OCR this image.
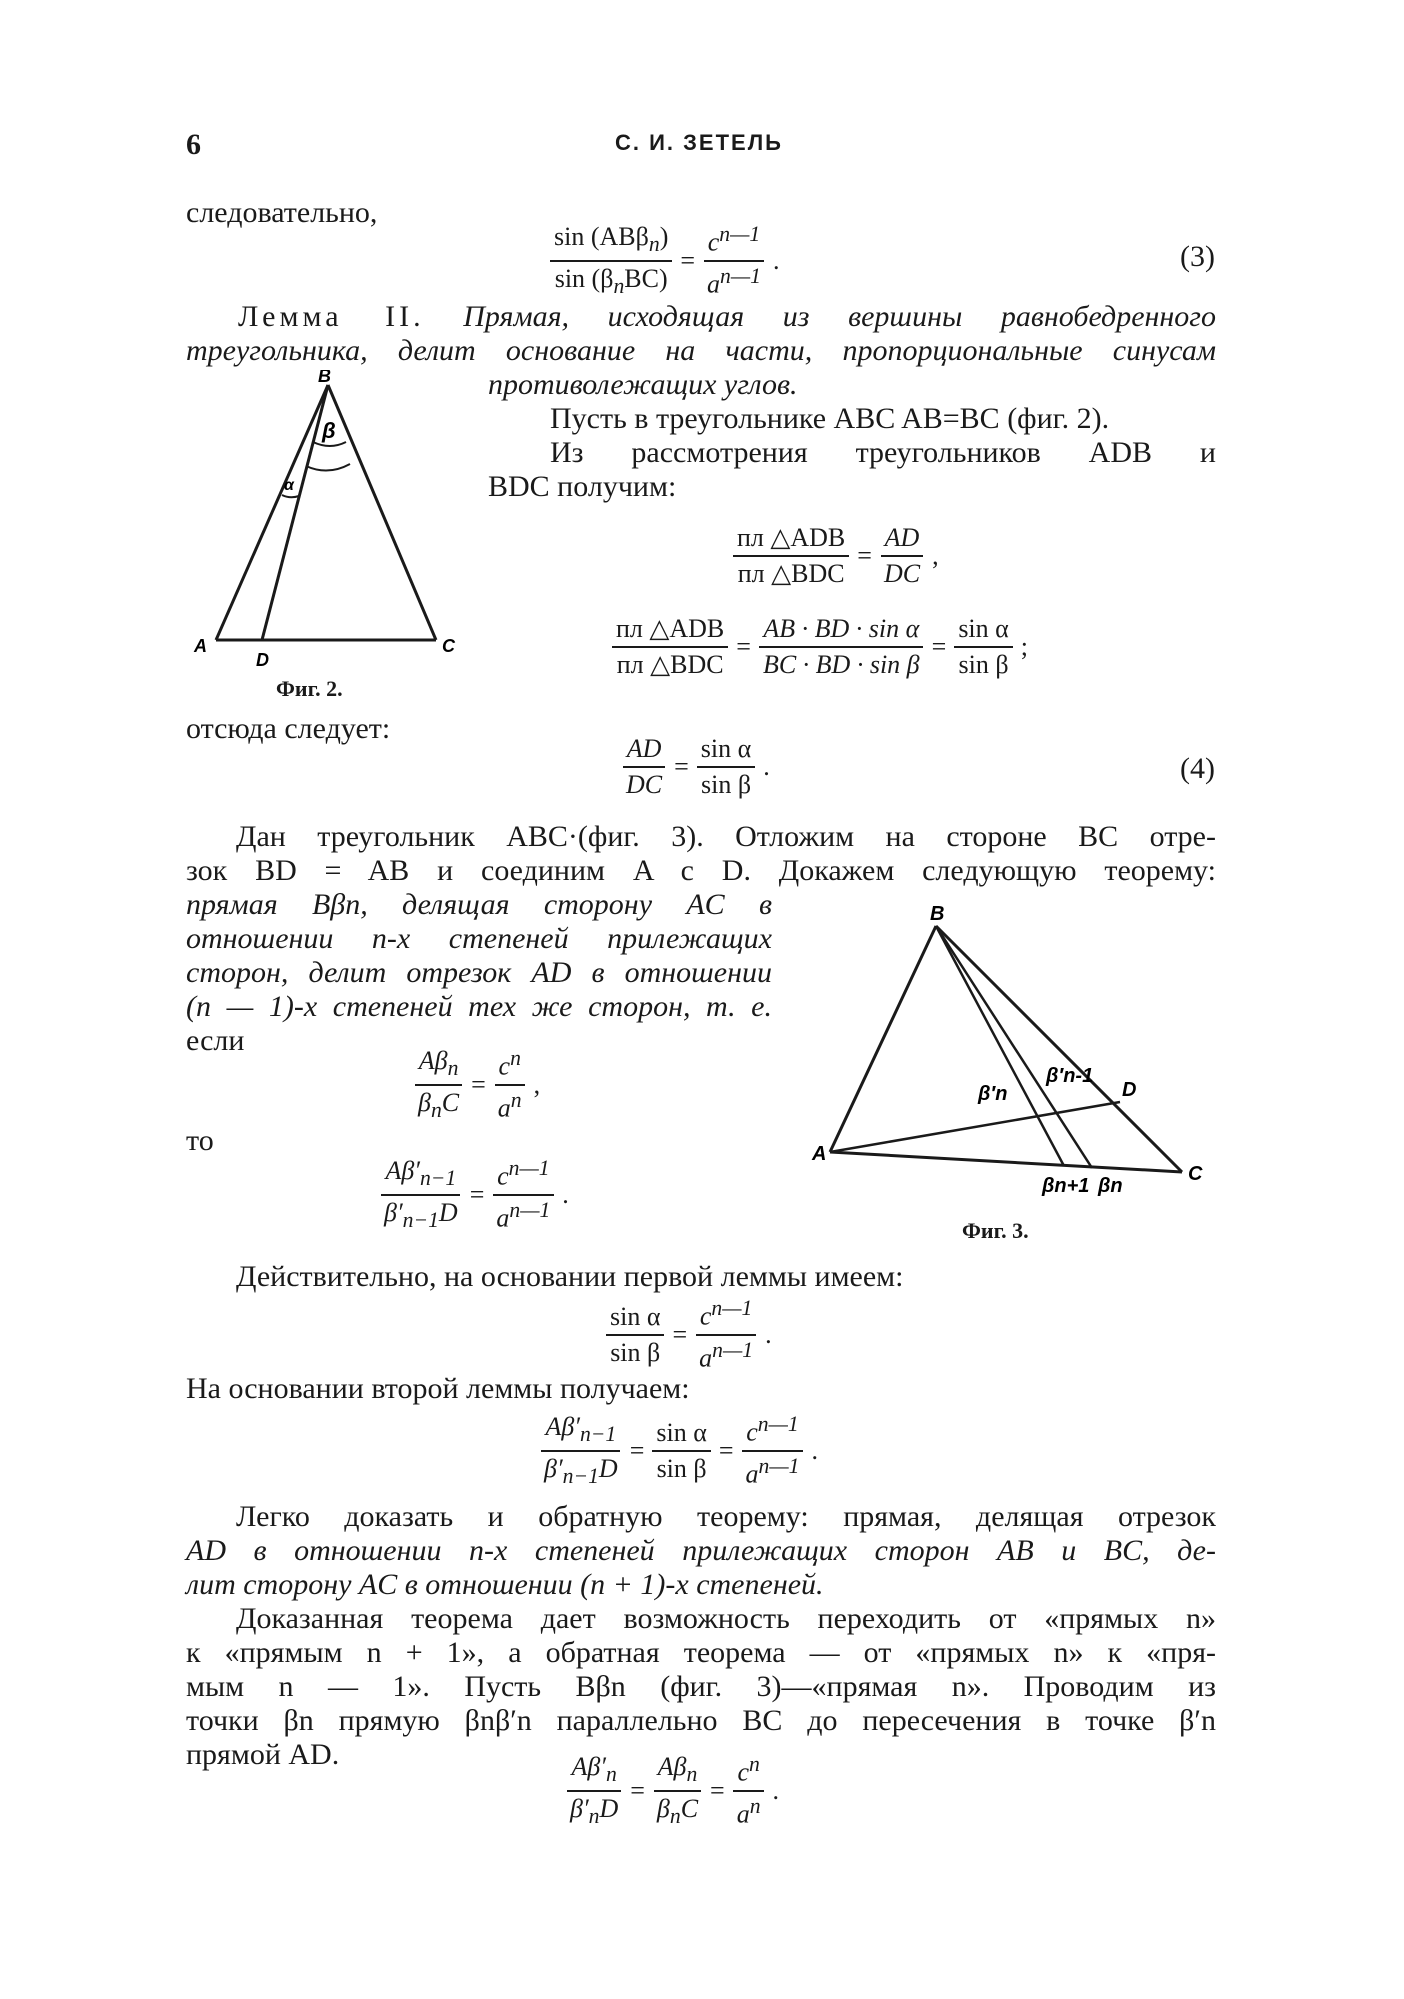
6	С. И. ЗЕТЕЛЬ
следовательно,
$\frac{\sin (AB\beta_n)}{\sin (\beta_nBC)} = \frac{c^{n—1}}{a^{n—1}}$ .	(3)
Лемма II. Прямая, исходящая из вершины равнобедренного
треугольника, делит основание на части, пропорциональные синусам
противолежащих углов.
Пусть в треугольнике ABC AB=BC (фиг. 2).
Из рассмотрения треугольников ADB и
BDC получим:
B
A
D
C
β
α
Фиг. 2.
$\frac{\text{пл △ADB}}{\text{пл △BDC}} = \frac{AD}{DC}$ ,
$\frac{\text{пл △ADB}}{\text{пл △BDC}} = \frac{\text{AB · BD · sin α}}{\text{BC · BD · sin β}} = \frac{\text{sin α}}{\text{sin β}}$ ;
отсюда следует:
$\frac{AD}{DC} = \frac{\text{sin α}}{\text{sin β}}$ .	(4)
Дан треугольник ABC·(фиг. 3). Отложим на стороне BC отре-
зок BD = AB и соединим A с D. Докажем следующую теорему:
прямая Bβn, делящая сторону AC в
отношении n-х степеней прилежащих
сторон, делит отрезок AD в отношении
(n — 1)-х степеней тех же сторон, т. е.
если
$\frac{A\beta_n}{\beta_nC} = \frac{c^n}{a^n}$ ,
то
$\frac{A\beta'_{n-1}}{\beta'_{n-1}D} = \frac{c^{n—1}}{a^{n—1}}$ .
B
A
C
D
β′n-1
β′n
βn+1 βn
Фиг. 3.
Действительно, на основании первой леммы имеем:
$\frac{\text{sin α}}{\text{sin β}} = \frac{c^{n—1}}{a^{n—1}}$ .
На основании второй леммы получаем:
$\frac{A\beta'_{n-1}}{\beta'_{n-1}D} = \frac{\text{sin α}}{\text{sin β}} = \frac{c^{n—1}}{a^{n—1}}$ .
Легко доказать и обратную теорему: прямая, делящая отрезок
AD в отношении n-х степеней прилежащих сторон AB и BC, де-
лит сторону AC в отношении (n + 1)-х степеней.
Доказанная теорема дает возможность переходить от «прямых n»
к «прямым n + 1», а обратная теорема — от «прямых n» к «пря-
мым n — 1». Пусть Bβn (фиг. 3)—«прямая n». Проводим из
точки βn прямую βnβ′n параллельно BC до пересечения в точке β′n
прямой AD.	$\frac{A\beta'_n}{\beta'_nD} = \frac{A\beta_n}{\beta_nC} = \frac{c^n}{a^n}$ .
